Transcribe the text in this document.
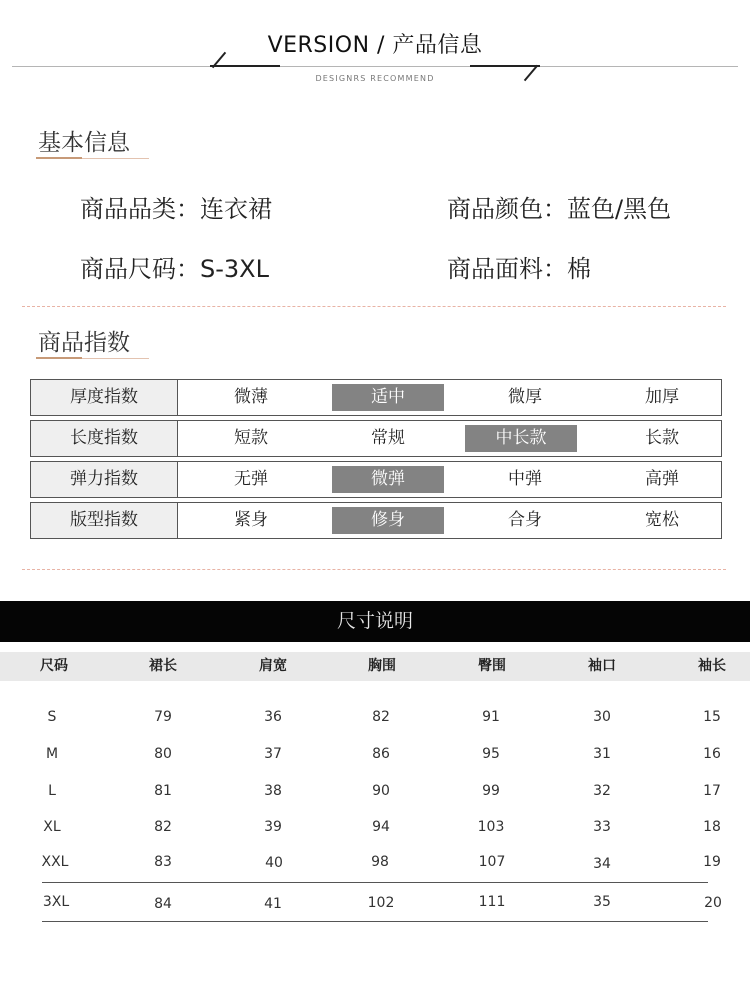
VERSION / 产品信息
DESIGNRS RECOMMEND
基本信息
商品品类：连衣裙	商品颜色：蓝色/黑色
商品尺码：S-3XL	商品面料：棉
商品指数
厚度指数	微薄	适中	微厚	加厚
长度指数	短款	常规	中长款	长款
弹力指数	无弹	微弹	中弹	高弹
版型指数	紧身	修身	合身	宽松
尺寸说明
尺码	裙长	肩宽	胸围	臀围	袖口	袖长
S	79	36	82	91	30	15
M	80	37	86	95	31	16
L	81	38	90	99	32	17
XL	82	39	94	103	33	18
XXL	83	40	98	107	34	19
3XL	84	41	102	111	35	20
